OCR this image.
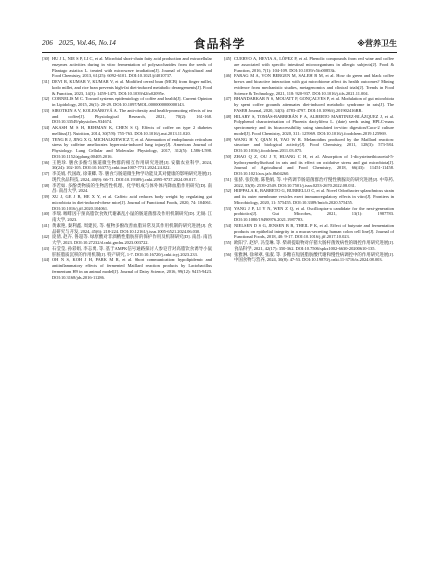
206 2025, Vol.46, No.14	食品科学	※营养卫生

[30] HU J L, NIE S P, LI C, et al. Microbial short-chain fatty acid production and extracellular enzymes activities during in vitro fermentation of polysaccharides from the seeds of Plantago asiatica L. treated with microwave irradiation[J]. Journal of Agricultural and Food Chemistry, 2013, 61(25): 6092-6101. DOI:10.1021/jf4010737.

[31] DEVI R, KUMAR V, KUMAR V, et al. Modified cereal bran (MCB) from finger millet, kodo millet, and rice bran prevents high-fat diet-induced metabolic derangements[J]. Food & Function, 2023, 14(3): 1459-1475. DOI:10.1039/d2fo02095e.

[32] CORNELIS M C. Toward systems epidemiology of coffee and health[J]. Current Opinion in Lipidology, 2015, 26(1): 20-29. DOI:10.1097/MOL.0000000000000143.

[33] SIROTKIN A V, KOLESÁROVÁ A. The anti-obesity and health-promoting effects of tea and coffee[J]. Physiological Research, 2021, 70(2): 161-168. DOI:10.33549/physiolres.934674.

[34] AKASH M S H, REHMAN K, CHEN S Q. Effects of coffee on type 2 diabetes mellitus[J]. Nutrition, 2014, 30(7/8): 755-763. DOI:10.1016/j.nut.2013.11.020.

[35] TENG R J, JING X G, MICHALKIEWICZ T, et al. Attenuation of endoplasmic reticulum stress by caffeine ameliorates hyperoxia-induced lung injury[J]. American Journal of Physiology. Lung Cellular and Molecular Physiology, 2017, 312(5): L586-L598. DOI:10.1152/ajplung.00405.2016.

[36] 王艳珍. 膳食多酚与肠道微生物群的相互作用研究进展[J]. 安徽农业科学, 2024, 30(24): 102-105. DOI:10.16377/j.cnki.issn1007-7731.2024.24.022.

[37] 李美娟, 代国政, 徐秉卿, 等. 膳食与肠道微生物学功能及其对健康的影响研究进展[J]. 现代食品科技, 2024, 40(9): 66-71. DOI:10.19389/j.cnki.2095-9737.2024.09.017.

[38] 李若如. 多酚类物质的生物活性机理、化学组成与体外体内降血脂作用研究[D]. 南昌: 南昌大学, 2024.

[39] XU J, GE J B, HE X Y, et al. Caffeic acid reduces body weight by regulating gut microbiota in diet-induced-obese mice[J]. Journal of Functional Foods, 2020, 74: 104061. DOI:10.1016/j.jff.2020.104061.

[40] 李瑞. 咖啡因干预高脂饮食致代谢紊乱小鼠的肠道菌群及作用机制研究[D]. 无锡: 江南大学, 2023.

[41] 黄素艳, 秦利鑫, 周建民, 等. 植物多酚改善血脂异常及其作用机制的研究进展[J]. 食品研究与开发, 2024, 45(6): 218-224. DOI:10.12161/j.issn.1005-6521.2024.06.030.

[42] 庞倩, 赵卉, 鲁超等. 绿原酸对非酒精性脂肪肝的保护作用及机制研究[D]. 南昌: 南昌大学, 2023. DOI:10.27232/d.cnki.gnchu.2023.003722.

[43] 石莹莹, 孙彩娟, 李志勇, 等. 基于AMPK信号通路探讨人参皂苷对高脂饮食诱导小鼠肝脏脂质沉积的作用机制[J]. 特产研究, 1-7. DOI:10.16720/j.cnki.tcyj.2023.233.

[44] OH N S, KOH J H, PARK M R, et al. Short communication: hypolipidemic and antiinflammatory effects of fermented Maillard reaction products by Lactobacillus fermentum H9 in an animal model[J]. Journal of Dairy Science, 2016, 99(12): 9415-9423. DOI:10.3168/jds.2016-11286.

[45] CUERVO A, HEVIA A, LÓPEZ P, et al. Phenolic compounds from red wine and coffee are associated with specific intestinal microorganisms in allergic subjects[J]. Food & Function, 2016, 7(1): 104-109. DOI:10.1039/c5fo00853k.

[46] FARAG M A, VON BERGEN M, SALEH B M, et al. How do green and black coffee brews and bioactive interaction with gut microbiome affect its health outcomes? Mining evidence from mechanistic studies, metagenomics and clinical trials[J]. Trends in Food Science & Technology, 2021, 118: 920-937. DOI:10.1016/j.tifs.2021.11.004.

[47] BHANDARKAR N S, MOUATT P, GONÇALVES P, et al. Modulation of gut microbiota by spent coffee grounds attenuates diet-induced metabolic syndrome in rats[J]. The FASEB Journal, 2020, 34(3): 4783-4797. DOI:10.1096/fj.201902416RR.

[48] HILARY S, TOMÁS-BARBERÁN F A, ALBERTO MARTINEZ-BLÁZQUEZ J, et al. Polyphenol characterisation of Phoenix dactylifera L. (date) seeds using HPLC-mass spectrometry and its bioaccessibility using simulated in-vitro digestion/Caco-2 culture model[J]. Food Chemistry, 2020, 311: 125969. DOI:10.1016/j.foodchem.2019.125969.

[49] WANG H Y, QIAN H, YAO W R. Melanoidins produced by the Maillard reaction: structure and biological activity[J]. Food Chemistry, 2011, 128(3): 573-584. DOI:10.1016/j.foodchem.2011.03.075.

[50] ZHAO Q Z, OU J Y, HUANG C H, et al. Absorption of 1-dicysteinethioacetal-5-hydroxymethylfurfural in rats and its effect on oxidative stress and gut microbiota[J]. Journal of Agricultural and Food Chemistry, 2018, 66(43): 11451-11458. DOI:10.1021/acs.jafc.8b04260.

[51] 张骄, 张钦俊, 陈艳娟, 等. 中药调节肠道菌群治疗慢性胰腺炎的研究进展[J]. 中草药, 2022, 53(8): 2539-2549. DOI:10.7501/j.issn.0253-2670.2022.08.031.

[52] HIIPPALA K, BARRETO G, BURRELLO C, et al. Novel Odoribacter splanchnicus strain and its outer membrane vesicles exert immunoregulatory effects in vitro[J]. Frontiers in Microbiology, 2020, 11: 575455. DOI:10.3389/fmicb.2020.575455.

[53] YANG J P, LI Y N, WEN Z Q, et al. Oscillospira-a candidate for the next-generation probiotics[J]. Gut Microbes, 2021, 13(1): 1987783. DOI:10.1080/19490976.2021.1987783.

[54] NIELSEN D S G, JENSEN B B, THEIL P K, et al. Effect of butyrate and fermentation products on epithelial integrity in a mucus-secreting human colon cell line[J]. Journal of Functional Foods, 2018, 40: 9-17. DOI:10.1016/j.jff.2017.10.023.

[55] 欧阳宁, 赵炉, 冯莹琳, 等. 柴胡提取物对仔猪大肠杆菌致病性的调控作用研究进展[J]. 食品科学, 2021, 42(17): 350-362. DOI:10.7506/spkx1002-6630-20200610-135.

[56] 张雅淋, 徐翠翠, 张淑, 等. 多糖在短链脂肪酸代谢和慢性病调控中的作用研究进展[J]. 中国食物与营养, 2024, 30(8): 47-53. DOI:10.19870/j.cnki.11-3716/ts.2024.08.003.
